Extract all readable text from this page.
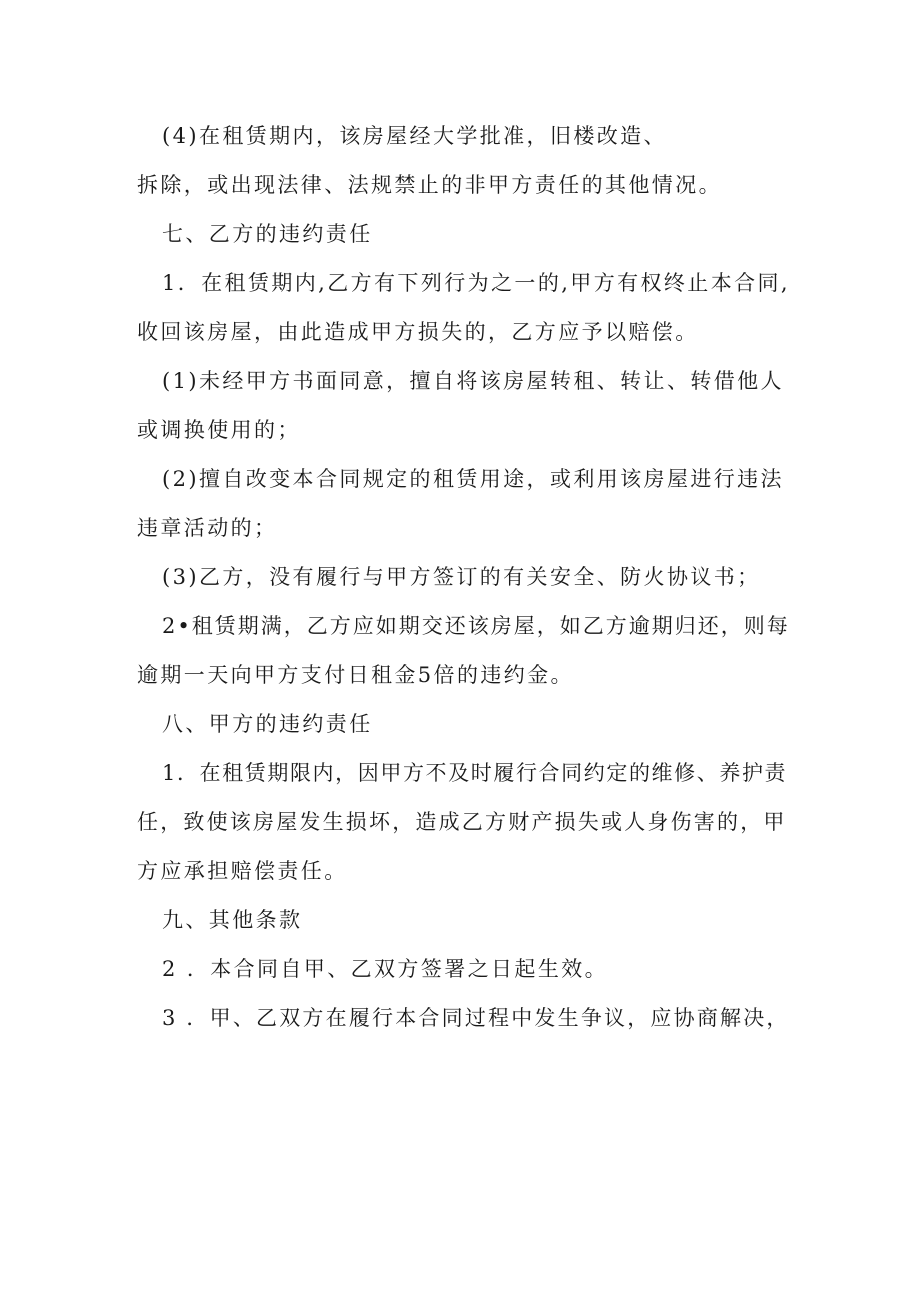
(4)在租赁期内，该房屋经大学批准，旧楼改造、
拆除，或出现法律、法规禁止的非甲方责任的其他情况。
七、乙方的违约责任
1．在租赁期内,乙方有下列行为之一的,甲方有权终止本合同,
收回该房屋，由此造成甲方损失的，乙方应予以赔偿。
(1)未经甲方书面同意，擅自将该房屋转租、转让、转借他人
或调换使用的；
(2)擅自改变本合同规定的租赁用途，或利用该房屋进行违法
违章活动的；
(3)乙方，没有履行与甲方签订的有关安全、防火协议书；
2•租赁期满，乙方应如期交还该房屋，如乙方逾期归还，则每
逾期一天向甲方支付日租金5倍的违约金。
八、甲方的违约责任
1．在租赁期限内，因甲方不及时履行合同约定的维修、养护责
任，致使该房屋发生损坏，造成乙方财产损失或人身伤害的，甲
方应承担赔偿责任。
九、其他条款
2 ．本合同自甲、乙双方签署之日起生效。
3 ．甲、乙双方在履行本合同过程中发生争议，应协商解决，
